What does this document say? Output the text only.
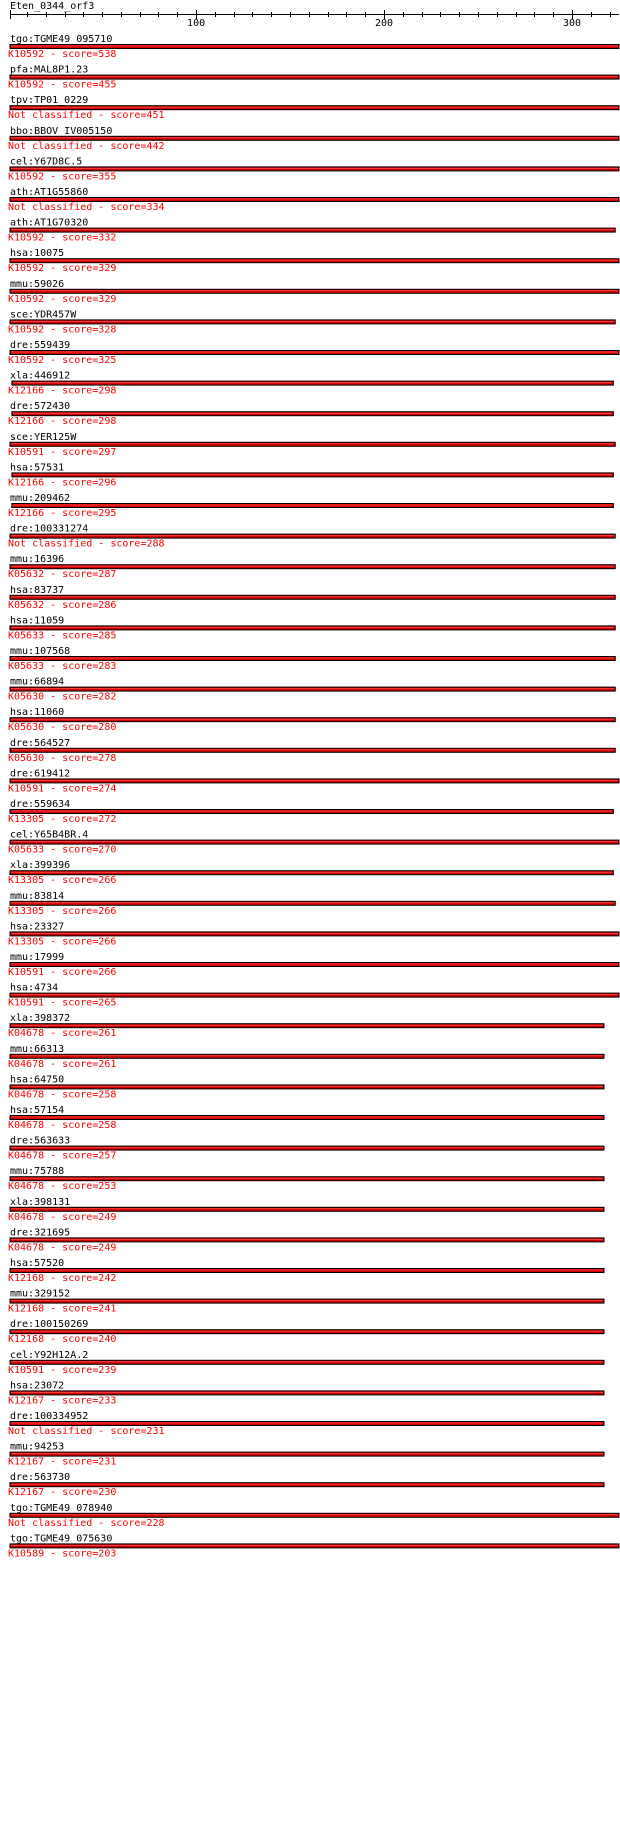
Eten_0344_orf3
100	200	300
tgo:TGME49_095710
K10592 - score=538
pfa:MAL8P1.23
K10592 - score=455
tpv:TP01_0229
Not classified - score=451
bbo:BBOV_IV005150
Not classified - score=442
cel:Y67D8C.5
K10592 - score=355
ath:AT1G55860
Not classified - score=334
ath:AT1G70320
K10592 - score=332
hsa:10075
K10592 - score=329
mmu:59026
K10592 - score=329
sce:YDR457W
K10592 - score=328
dre:559439
K10592 - score=325
xla:446912
K12166 - score=298
dre:572430
K12166 - score=298
sce:YER125W
K10591 - score=297
hsa:57531
K12166 - score=296
mmu:209462
K12166 - score=295
dre:100331274
Not classified - score=288
mmu:16396
K05632 - score=287
hsa:83737
K05632 - score=286
hsa:11059
K05633 - score=285
mmu:107568
K05633 - score=283
mmu:66894
K05630 - score=282
hsa:11060
K05630 - score=280
dre:564527
K05630 - score=278
dre:619412
K10591 - score=274
dre:559634
K13305 - score=272
cel:Y65B4BR.4
K05633 - score=270
xla:399396
K13305 - score=266
mmu:83814
K13305 - score=266
hsa:23327
K13305 - score=266
mmu:17999
K10591 - score=266
hsa:4734
K10591 - score=265
xla:398372
K04678 - score=261
mmu:66313
K04678 - score=261
hsa:64750
K04678 - score=258
hsa:57154
K04678 - score=258
dre:563633
K04678 - score=257
mmu:75788
K04678 - score=253
xla:398131
K04678 - score=249
dre:321695
K04678 - score=249
hsa:57520
K12168 - score=242
mmu:329152
K12168 - score=241
dre:100150269
K12168 - score=240
cel:Y92H12A.2
K10591 - score=239
hsa:23072
K12167 - score=233
dre:100334952
Not classified - score=231
mmu:94253
K12167 - score=231
dre:563730
K12167 - score=230
tgo:TGME49_078940
Not classified - score=228
tgo:TGME49_075630
K10589 - score=203
